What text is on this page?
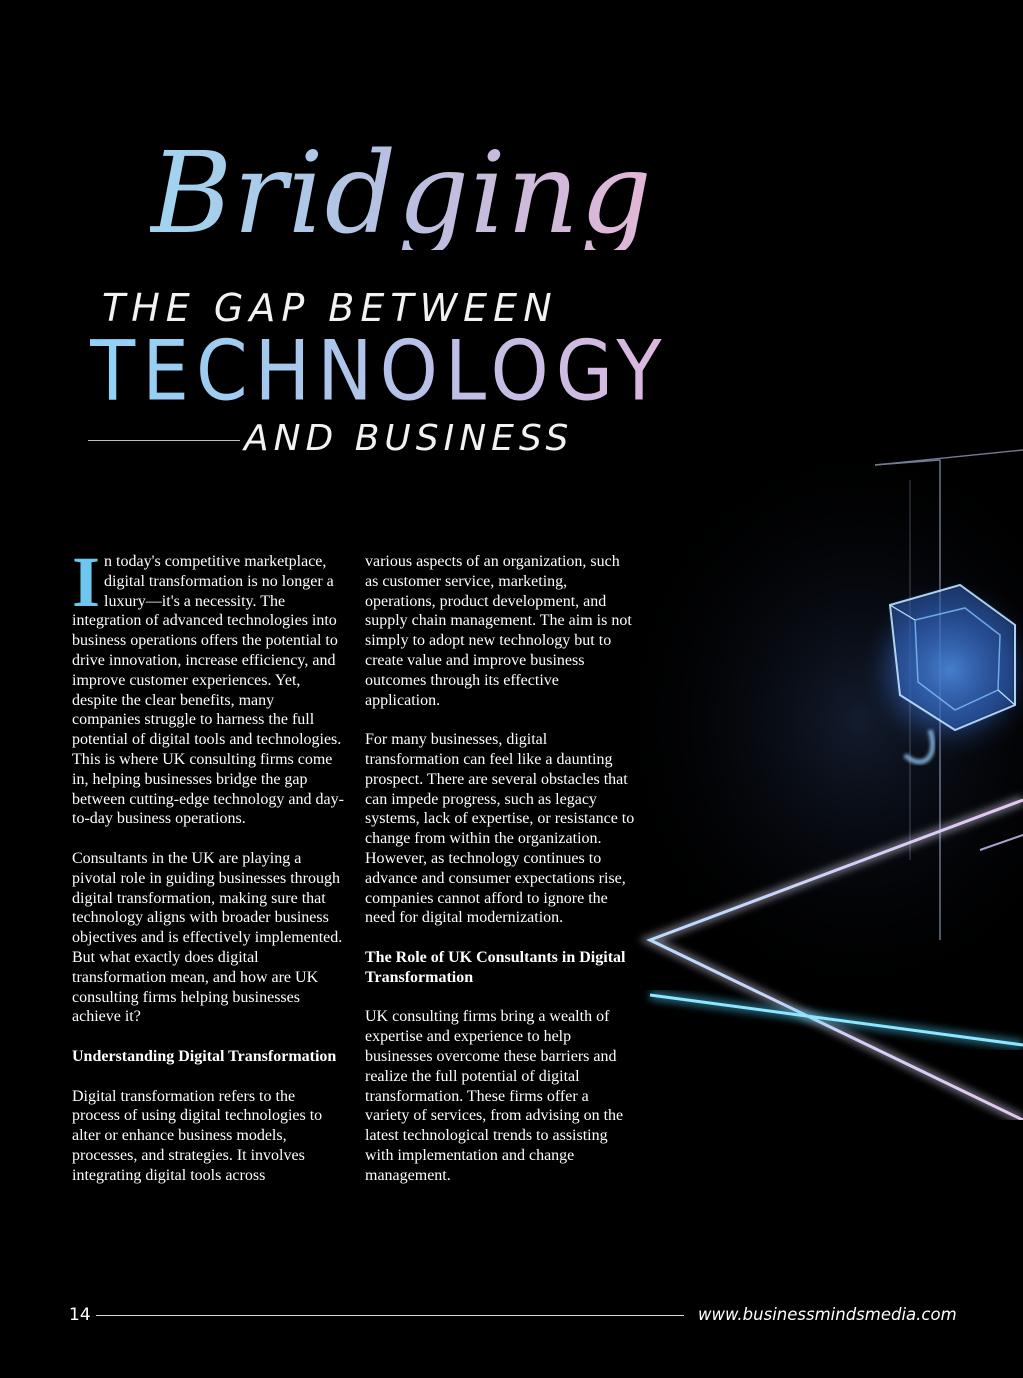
Bridging
THE GAP BETWEEN
TECHNOLOGY
AND BUSINESS

In today's competitive marketplace, digital transformation is no longer a luxury—it's a necessity. The integration of advanced technologies into business operations offers the potential to drive innovation, increase efficiency, and improve customer experiences. Yet, despite the clear benefits, many companies struggle to harness the full potential of digital tools and technologies. This is where UK consulting firms come in, helping businesses bridge the gap between cutting-edge technology and day-to-day business operations.

Consultants in the UK are playing a pivotal role in guiding businesses through digital transformation, making sure that technology aligns with broader business objectives and is effectively implemented. But what exactly does digital transformation mean, and how are UK consulting firms helping businesses achieve it?

Understanding Digital Transformation

Digital transformation refers to the process of using digital technologies to alter or enhance business models, processes, and strategies. It involves integrating digital tools across

various aspects of an organization, such as customer service, marketing, operations, product development, and supply chain management. The aim is not simply to adopt new technology but to create value and improve business outcomes through its effective application.

For many businesses, digital transformation can feel like a daunting prospect. There are several obstacles that can impede progress, such as legacy systems, lack of expertise, or resistance to change from within the organization. However, as technology continues to advance and consumer expectations rise, companies cannot afford to ignore the need for digital modernization.

The Role of UK Consultants in Digital Transformation

UK consulting firms bring a wealth of expertise and experience to help businesses overcome these barriers and realize the full potential of digital transformation. These firms offer a variety of services, from advising on the latest technological trends to assisting with implementation and change management.

14	www.businessmindsmedia.com
